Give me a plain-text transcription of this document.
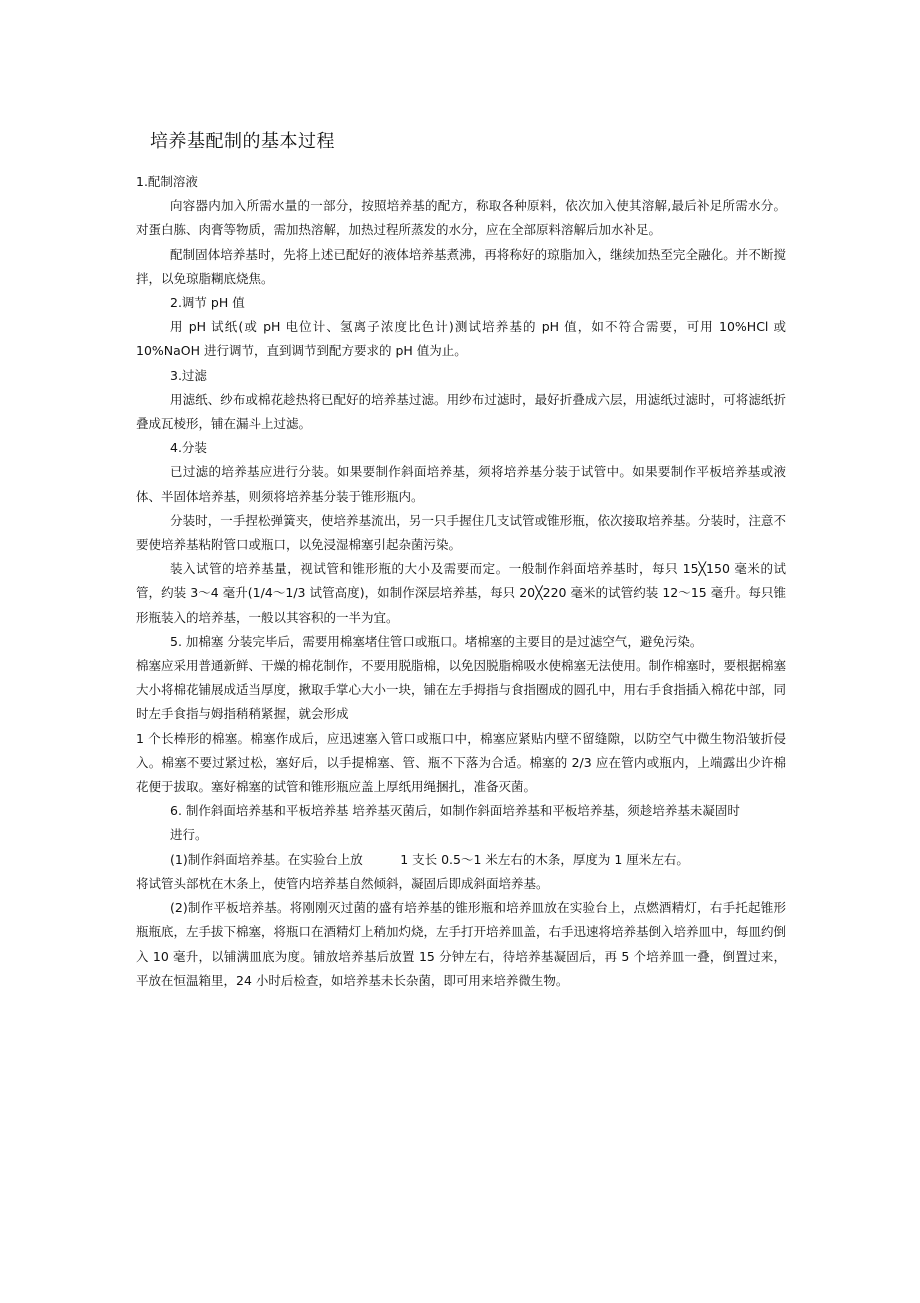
培养基配制的基本过程

1.配制溶液

向容器内加入所需水量的一部分，按照培养基的配方，称取各种原料，依次加入使其溶解,最后补足所需水分。对蛋白胨、肉膏等物质，需加热溶解，加热过程所蒸发的水分，应在全部原料溶解后加水补足。

配制固体培养基时，先将上述已配好的液体培养基煮沸，再将称好的琼脂加入，继续加热至完全融化。并不断搅拌，以免琼脂糊底烧焦。

2.调节 pH 值

用 pH 试纸(或 pH 电位计、氢离子浓度比色计)测试培养基的 pH 值，如不符合需要，可用 10%HCl 或 10%NaOH 进行调节，直到调节到配方要求的 pH 值为止。

3.过滤

用滤纸、纱布或棉花趁热将已配好的培养基过滤。用纱布过滤时，最好折叠成六层，用滤纸过滤时，可将滤纸折叠成瓦棱形，铺在漏斗上过滤。

4.分装

已过滤的培养基应进行分装。如果要制作斜面培养基，须将培养基分装于试管中。如果要制作平板培养基或液体、半固体培养基，则须将培养基分装于锥形瓶内。

分装时，一手捏松弹簧夹，使培养基流出，另一只手握住几支试管或锥形瓶，依次接取培养基。分装时，注意不要使培养基粘附管口或瓶口，以免浸湿棉塞引起杂菌污染。

装入试管的培养基量，视试管和锥形瓶的大小及需要而定。一般制作斜面培养基时，每只 15╳150 毫米的试管，约装 3～4 毫升(1/4～1/3 试管高度)，如制作深层培养基，每只 20╳220 毫米的试管约装 12～15 毫升。每只锥形瓶装入的培养基，一般以其容积的一半为宜。

5. 加棉塞 分装完毕后，需要用棉塞堵住管口或瓶口。堵棉塞的主要目的是过滤空气，避免污染。

棉塞应采用普通新鲜、干燥的棉花制作，不要用脱脂棉，以免因脱脂棉吸水使棉塞无法使用。制作棉塞时，要根据棉塞大小将棉花铺展成适当厚度，揪取手掌心大小一块，铺在左手拇指与食指圈成的圆孔中，用右手食指插入棉花中部，同时左手食指与姆指稍稍紧握，就会形成

1 个长棒形的棉塞。棉塞作成后，应迅速塞入管口或瓶口中，棉塞应紧贴内壁不留缝隙，以防空气中微生物沿皱折侵入。棉塞不要过紧过松，塞好后，以手提棉塞、管、瓶不下落为合适。棉塞的 2/3 应在管内或瓶内，上端露出少许棉花便于拔取。塞好棉塞的试管和锥形瓶应盖上厚纸用绳捆扎，准备灭菌。

6. 制作斜面培养基和平板培养基 培养基灭菌后，如制作斜面培养基和平板培养基，须趁培养基未凝固时

进行。

(1)制作斜面培养基。在实验台上放　　　1 支长 0.5～1 米左右的木条，厚度为 1 厘米左右。

将试管头部枕在木条上，使管内培养基自然倾斜，凝固后即成斜面培养基。

(2)制作平板培养基。将刚刚灭过菌的盛有培养基的锥形瓶和培养皿放在实验台上，点燃酒精灯，右手托起锥形瓶瓶底，左手拔下棉塞，将瓶口在酒精灯上稍加灼烧，左手打开培养皿盖，右手迅速将培养基倒入培养皿中，每皿约倒入 10 毫升，以铺满皿底为度。铺放培养基后放置 15 分钟左右，待培养基凝固后，再 5 个培养皿一叠，倒置过来，平放在恒温箱里，24 小时后检查，如培养基未长杂菌，即可用来培养微生物。
